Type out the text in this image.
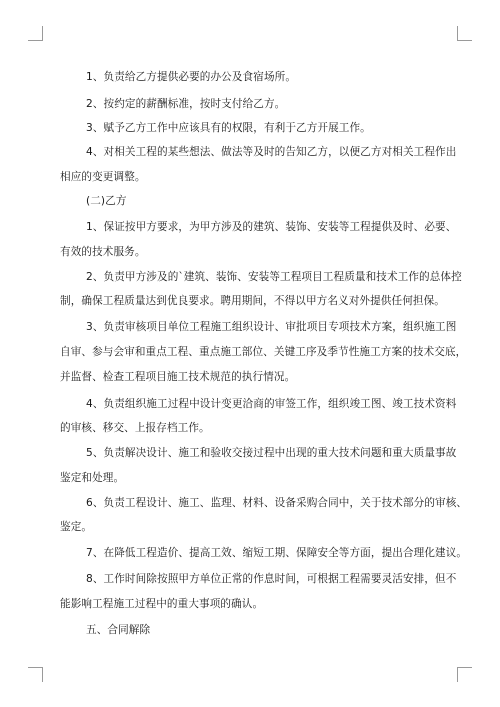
1、负责给乙方提供必要的办公及食宿场所。
2、按约定的薪酬标准，按时支付给乙方。
3、赋予乙方工作中应该具有的权限，有利于乙方开展工作。
4、对相关工程的某些想法、做法等及时的告知乙方，以便乙方对相关工程作出
相应的变更调整。
(二)乙方
1、保证按甲方要求，为甲方涉及的建筑、装饰、安装等工程提供及时、必要、
有效的技术服务。
2、负责甲方涉及的`建筑、装饰、安装等工程项目工程质量和技术工作的总体控
制，确保工程质量达到优良要求。聘用期间，不得以甲方名义对外提供任何担保。
3、负责审核项目单位工程施工组织设计、审批项目专项技术方案，组织施工图
自审、参与会审和重点工程、重点施工部位、关键工序及季节性施工方案的技术交底，
并监督、检查工程项目施工技术规范的执行情况。
4、负责组织施工过程中设计变更洽商的审签工作，组织竣工图、竣工技术资料
的审核、移交、上报存档工作。
5、负责解决设计、施工和验收交接过程中出现的重大技术问题和重大质量事故
鉴定和处理。
6、负责工程设计、施工、监理、材料、设备采购合同中，关于技术部分的审核、
鉴定。
7、在降低工程造价、提高工效、缩短工期、保障安全等方面，提出合理化建议。
8、工作时间除按照甲方单位正常的作息时间，可根据工程需要灵活安排，但不
能影响工程施工过程中的重大事项的确认。
五、合同解除
